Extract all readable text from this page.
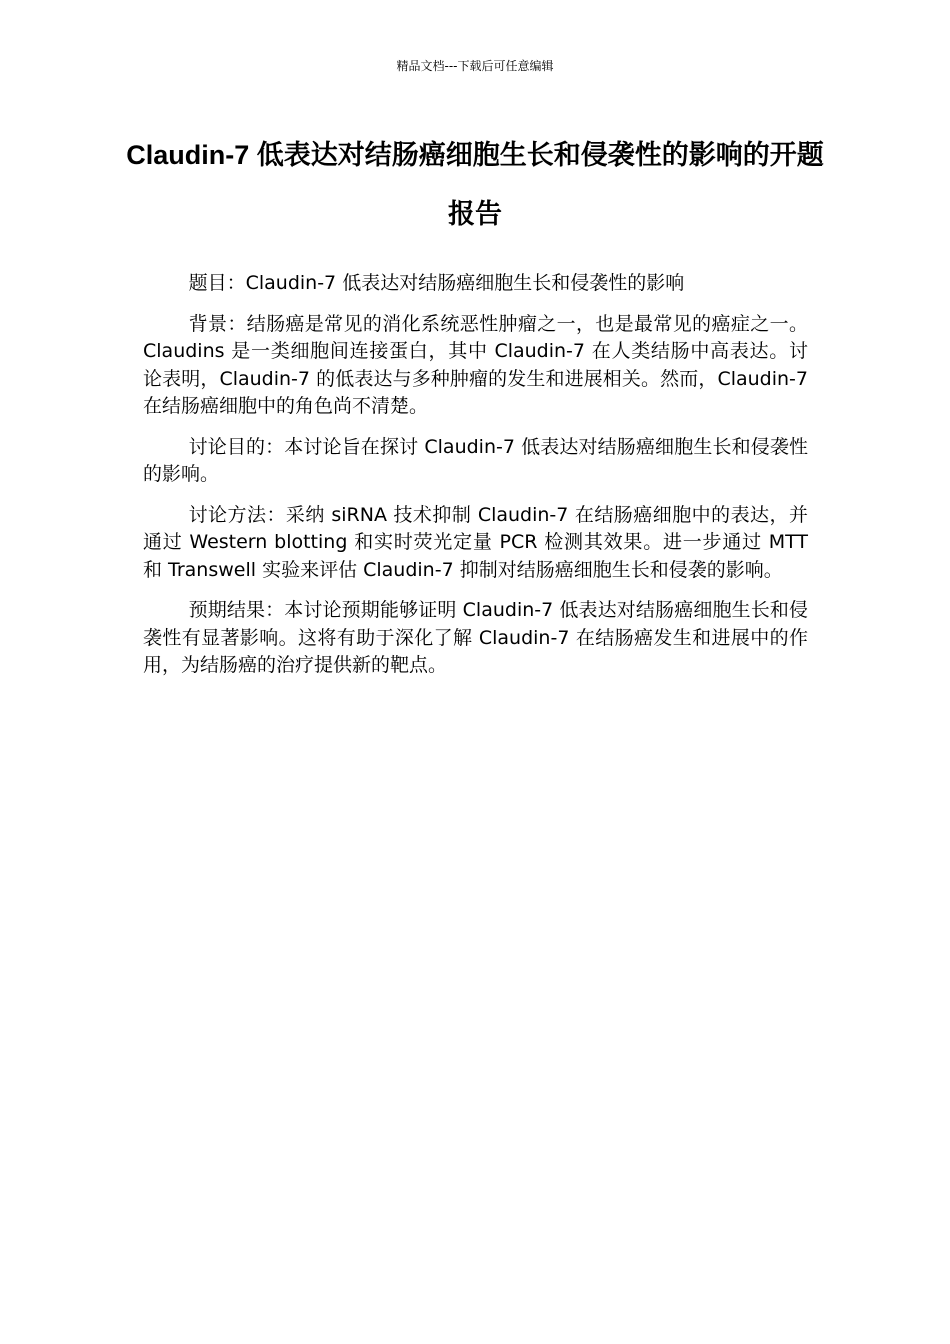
精品文档---下载后可任意编辑
Claudin-7 低表达对结肠癌细胞生长和侵袭性的影响的开题报告

题目：Claudin-7 低表达对结肠癌细胞生长和侵袭性的影响

背景：结肠癌是常见的消化系统恶性肿瘤之一，也是最常见的癌症之一。Claudins 是一类细胞间连接蛋白，其中 Claudin-7 在人类结肠中高表达。讨论表明，Claudin-7 的低表达与多种肿瘤的发生和进展相关。然而，Claudin-7 在结肠癌细胞中的角色尚不清楚。

讨论目的：本讨论旨在探讨 Claudin-7 低表达对结肠癌细胞生长和侵袭性的影响。

讨论方法：采纳 siRNA 技术抑制 Claudin-7 在结肠癌细胞中的表达，并通过 Western blotting 和实时荧光定量 PCR 检测其效果。进一步通过 MTT 和 Transwell 实验来评估 Claudin-7 抑制对结肠癌细胞生长和侵袭的影响。

预期结果：本讨论预期能够证明 Claudin-7 低表达对结肠癌细胞生长和侵袭性有显著影响。这将有助于深化了解 Claudin-7 在结肠癌发生和进展中的作用，为结肠癌的治疗提供新的靶点。
